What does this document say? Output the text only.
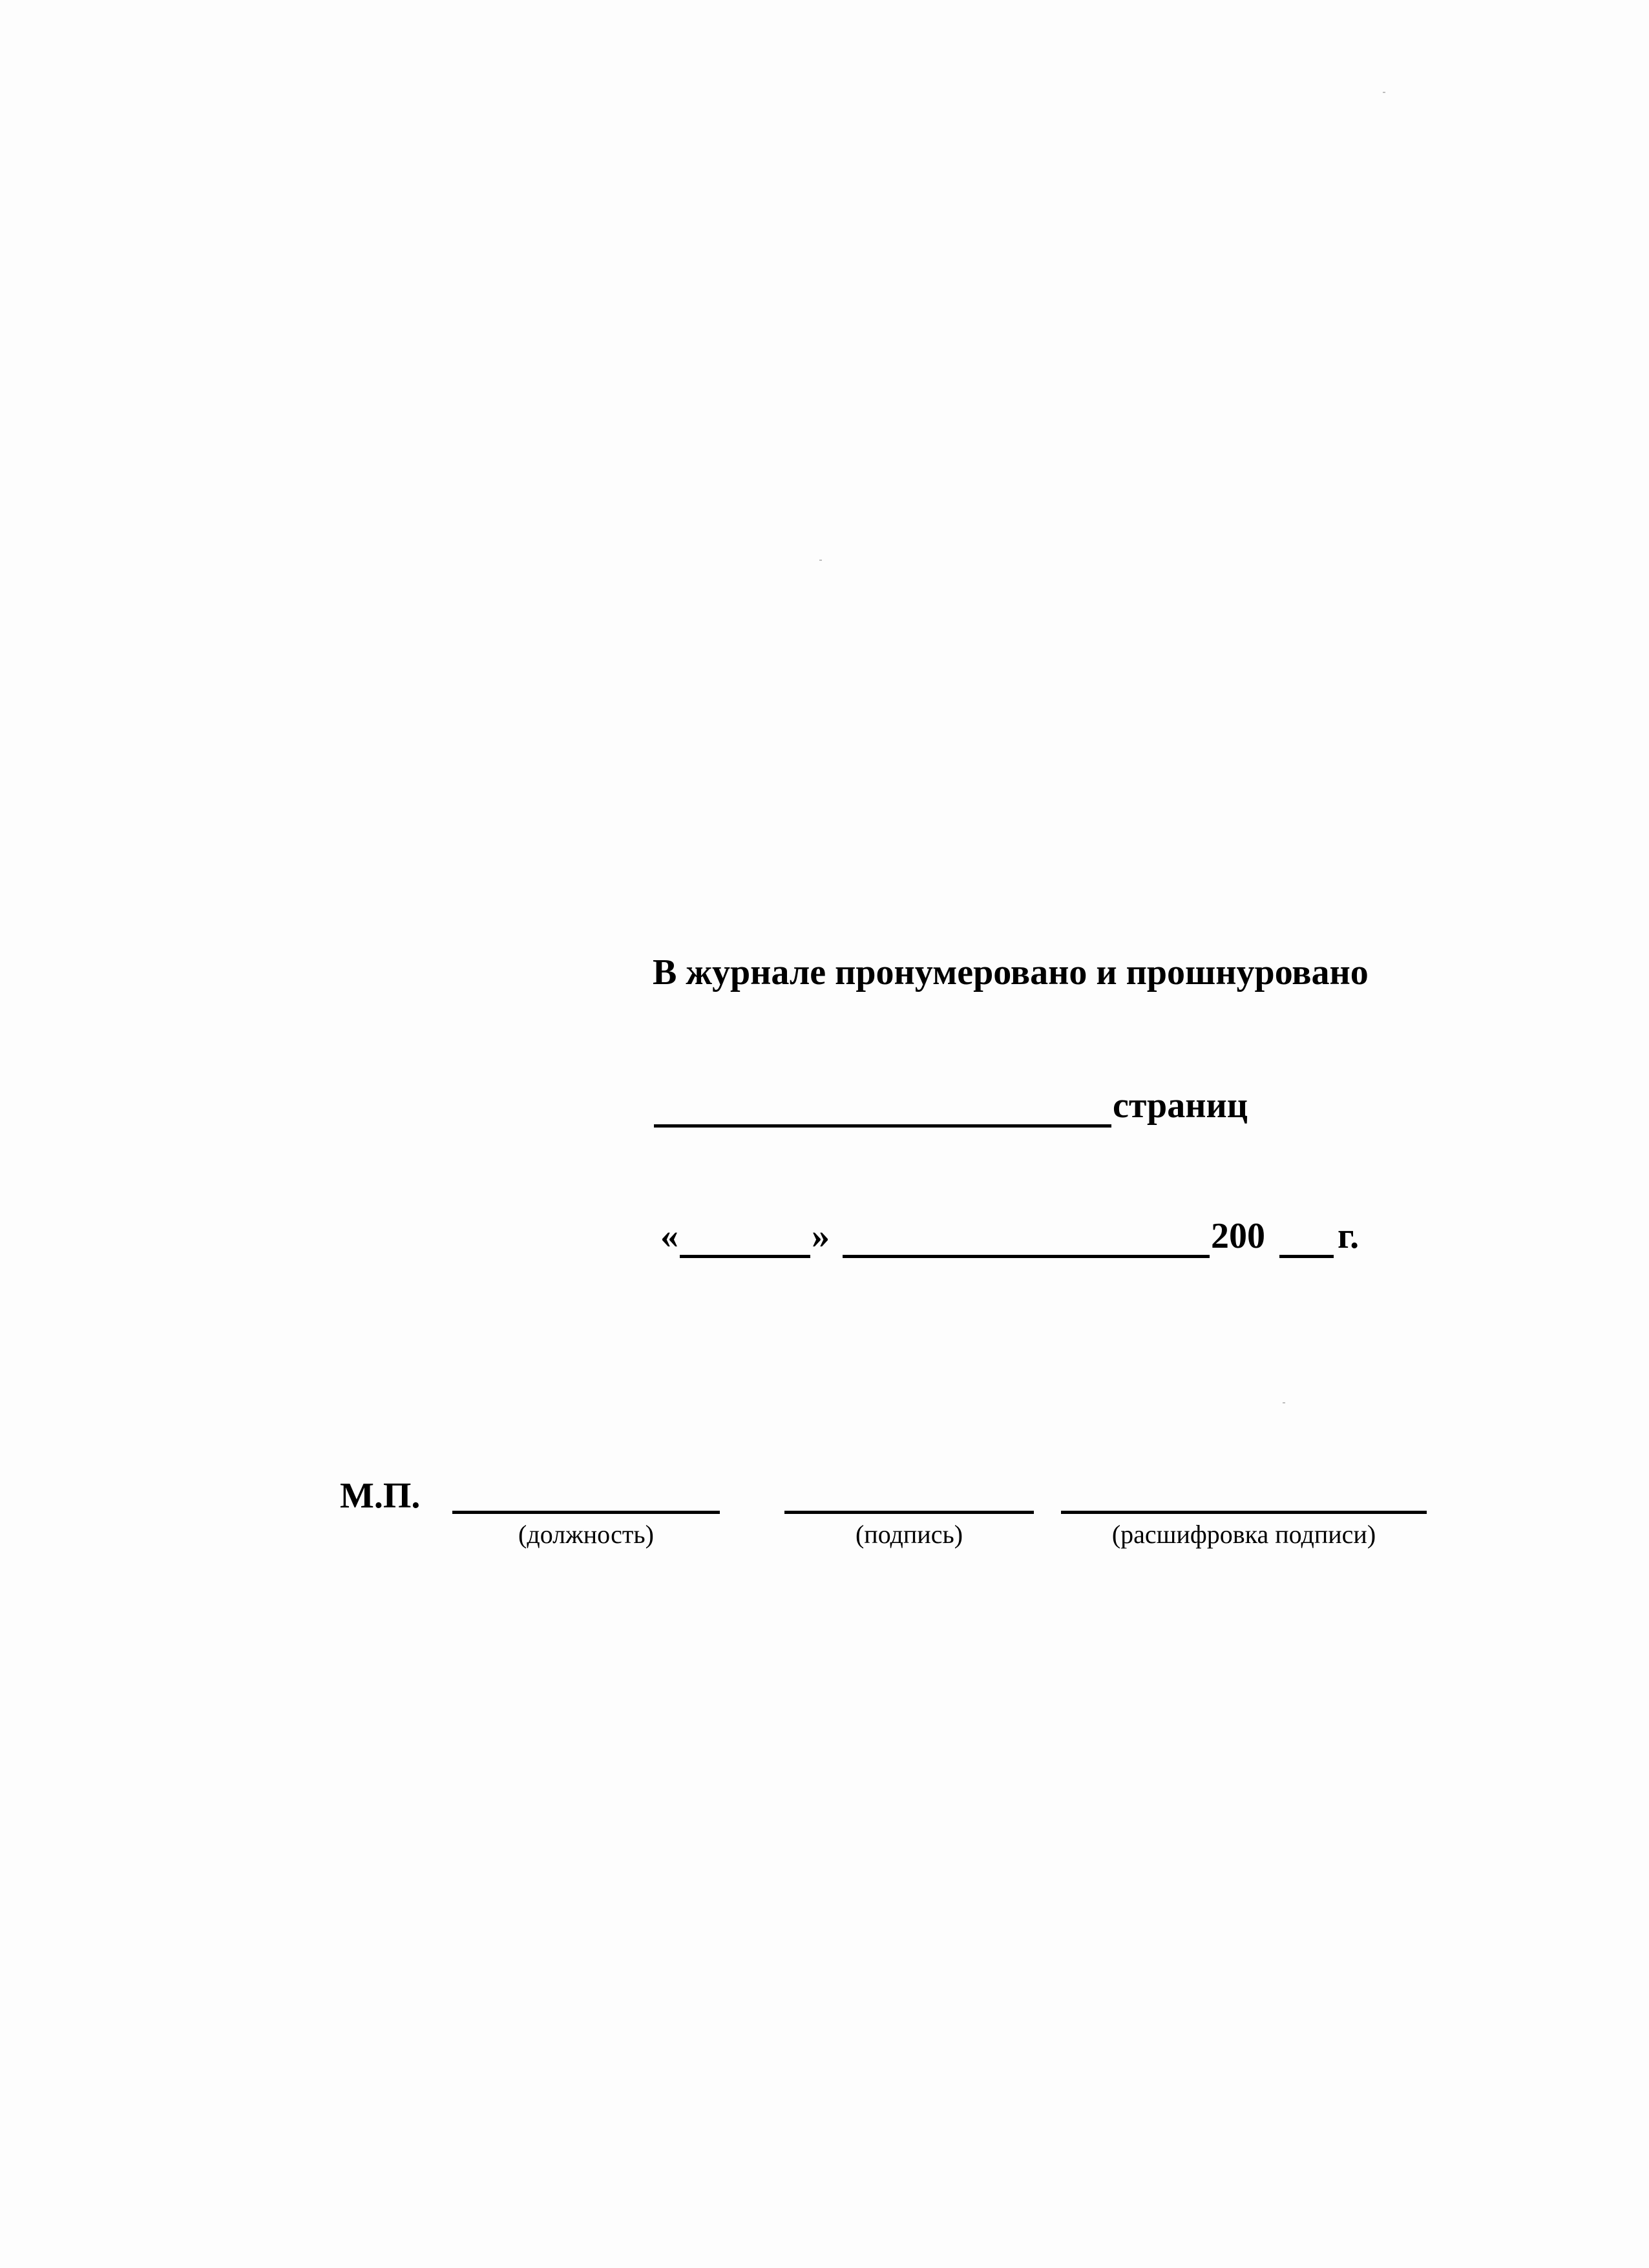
В журнале пронумеровано и прошнуровано
страниц
«	»	200 г.
М.П.
(должность)	(подпись)	(расшифровка подписи)
